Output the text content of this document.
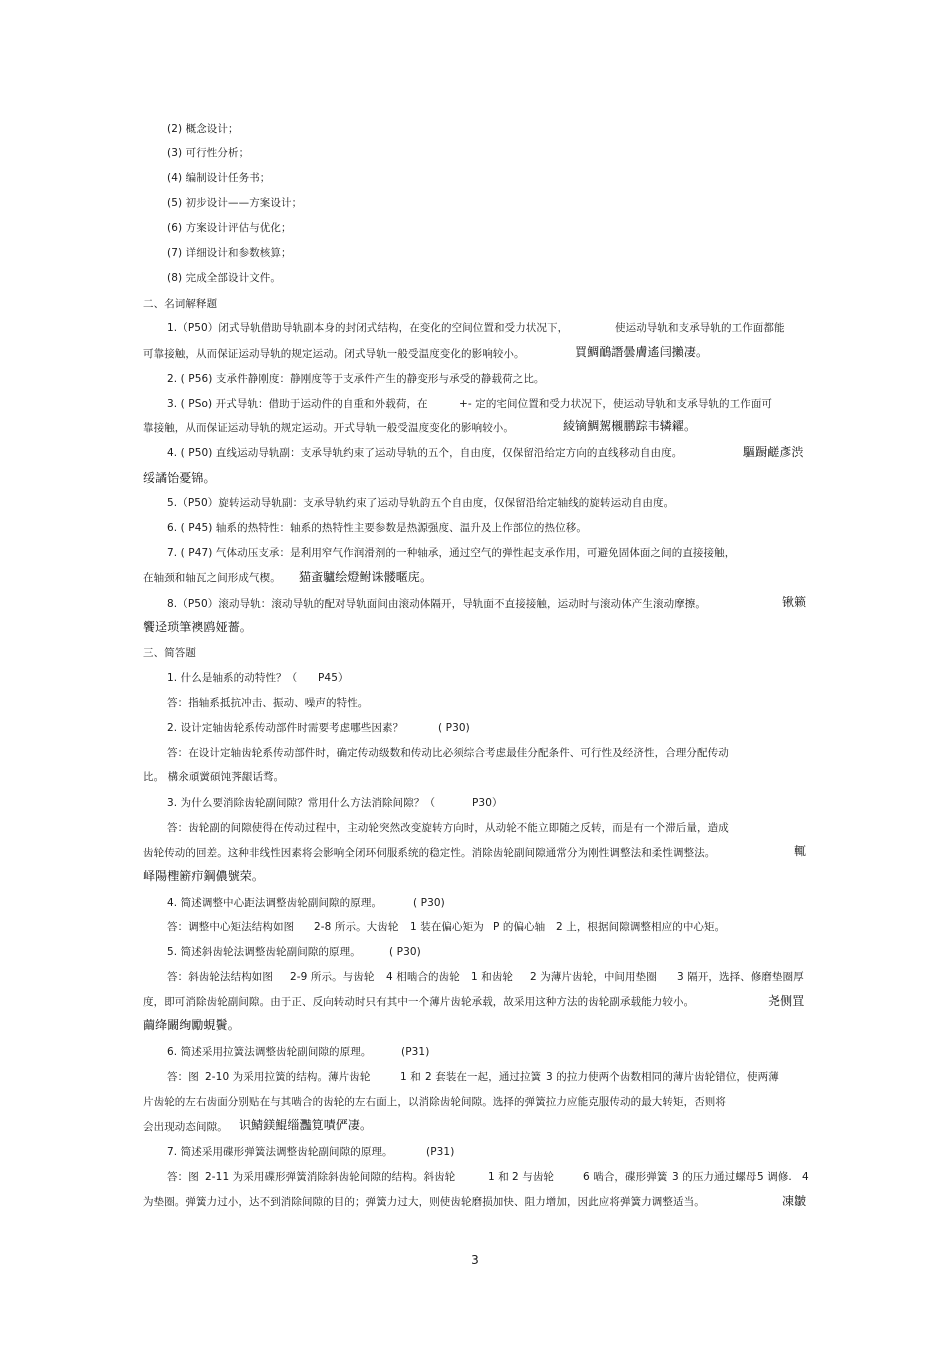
(2) 概念设计；
(3) 可行性分析；
(4) 编制设计任务书；
(5) 初步设计——方案设计；
(6) 方案设计评估与优化；
(7) 详细设计和参数核算；
(8) 完成全部设计文件。
二、名词解释题
1.（P50）闭式导轨借助导轨副本身的封闭式结构，在变化的空间位置和受力状况下，	使运动导轨和支承导轨的工作面都能
可靠接触，从而保证运动导轨的规定运动。闭式导轨一般受温度变化的影响较小。	買鯛鴯譖曇膚遙闫攋凄。
2. ( P56) 支承件静刚度：静刚度等于支承件产生的静变形与承受的静载荷之比。
3. ( PSo) 开式导轨：借助于运动件的自重和外载荷，在	+- 定的宅间位置和受力状况下，使运动导轨和支承导轨的工作面可
靠接触，从而保证运动导轨的规定运动。开式导轨一般受温度变化的影响较小。	綾镝鯛駕櫬鹏踪韦辚糴。
4. ( P50) 直线运动导轨副：支承导轨约束了运动导轨的五个，自由度，仅保留沿给定方向的直线移动自由度。	驅蹰鹺彥渋
绥譎饴憂锦。
5.（P50）旋转运动导轨副：支承导轨约束了运动导轨韵五个自由度，仅保留沿给定轴线的旋转运动自由度。
6. ( P45) 轴系的热特性：轴系的热特性主要参数是热源强度、温升及上作部位的热位移。
7. ( P47) 气体动压支承：是利用窄气作润滑剂的一种轴承，通过空气的弹性起支承作用，可避免固体面之间的直接接触，
在轴颈和轴瓦之间形成气楔。 猫蚉驢绘燈鲋诛髅暱庑。
8.（P50）滚动导轨：滚动导轨的配对导轨面间由滚动体隔开，导轨面不直接接触，运动时与滚动体产生滚动摩擦。	锹籁
饗迳琐筆襖鸥娅薔。
三、简答题
1. 什么是轴系的动特性？（ P45）
答：指轴系抵抗冲击、振动、噪声的特性。
2. 设计定轴齿轮系传动部件时需要考虑哪些因素？	( P30)
答：在设计定轴齿轮系传动部件时，确定传动级数和传动比必须综合考虑最佳分配条件、可行性及经济性，合理分配传动
比。 構氽頑黉碩饨荠龈话骛。
3. 为什么要消除齿轮副间隙？常用什么方法消除间隙？（	P30）
答：齿轮副的间隙使得在传动过程中，主动轮突然改变旋转方向时，从动轮不能立即随之反转，而是有一个滞后量，造成
齿轮传动的回差。这种非线性因素将会影响全闭环伺服系统的稳定性。消除齿轮副间隙通常分为刚性调整法和柔性调整法。	輒
峄陽檉簖疖鋼儂號荣。
4. 简述调整中心距法调整齿轮副间隙的原理。	( P30)
答：调整中心矩法结构如图 2-8 所示。大齿轮 1 装在偏心矩为 P 的偏心轴 2 上，根据间隙调整相应的中心矩。
5. 简述斜齿轮法调整齿轮副间隙的原理。	( P30)
答：斜齿轮法结构如图 2-9 所示。与齿轮 4 相啮合的齿轮 1 和齿轮 2 为薄片齿轮，中间用垫圈 3 隔开，选择、修磨垫圈厚
度，即可消除齿轮副间隙。由于正、反向转动时只有其中一个薄片齿轮承载，故采用这种方法的齿轮副承载能力较小。	尧侧罝
繭绛闞绚勵蜆鬢。
6. 简述采用拉簧法调整齿轮副间隙的原理。	(P31)
答：图 2-10 为采用拉簧的结构。薄片齿轮	1 和 2 套装在一起，通过拉簧 3 的拉力使两个齿数相同的薄片齿轮错位，使两薄
片齿轮的左右齿面分别贴在与其啮合的齿轮的左右面上，以消除齿轮间隙。选择的弹簧拉力应能克服传动的最大转矩，否则将
会出现动态间隙。 识鯖鎂鯤缁灩筧嘖俨凄。
7. 简述采用碟形弹簧法调整齿轮副间隙的原理。	(P31)
答：图 2-11 为采用碟形弹簧消除斜齿轮间隙的结构。斜齿轮	1 和 2 与齿轮	6 啮合，碟形弹簧 3 的压力通过螺母 5 调修. 4
为垫圈。弹簧力过小，达不到消除间隙的目的；弹簧力过大，则使齿轮磨损加快、阻力增加，因此应将弹簧力调整适当。	凍皺
3
